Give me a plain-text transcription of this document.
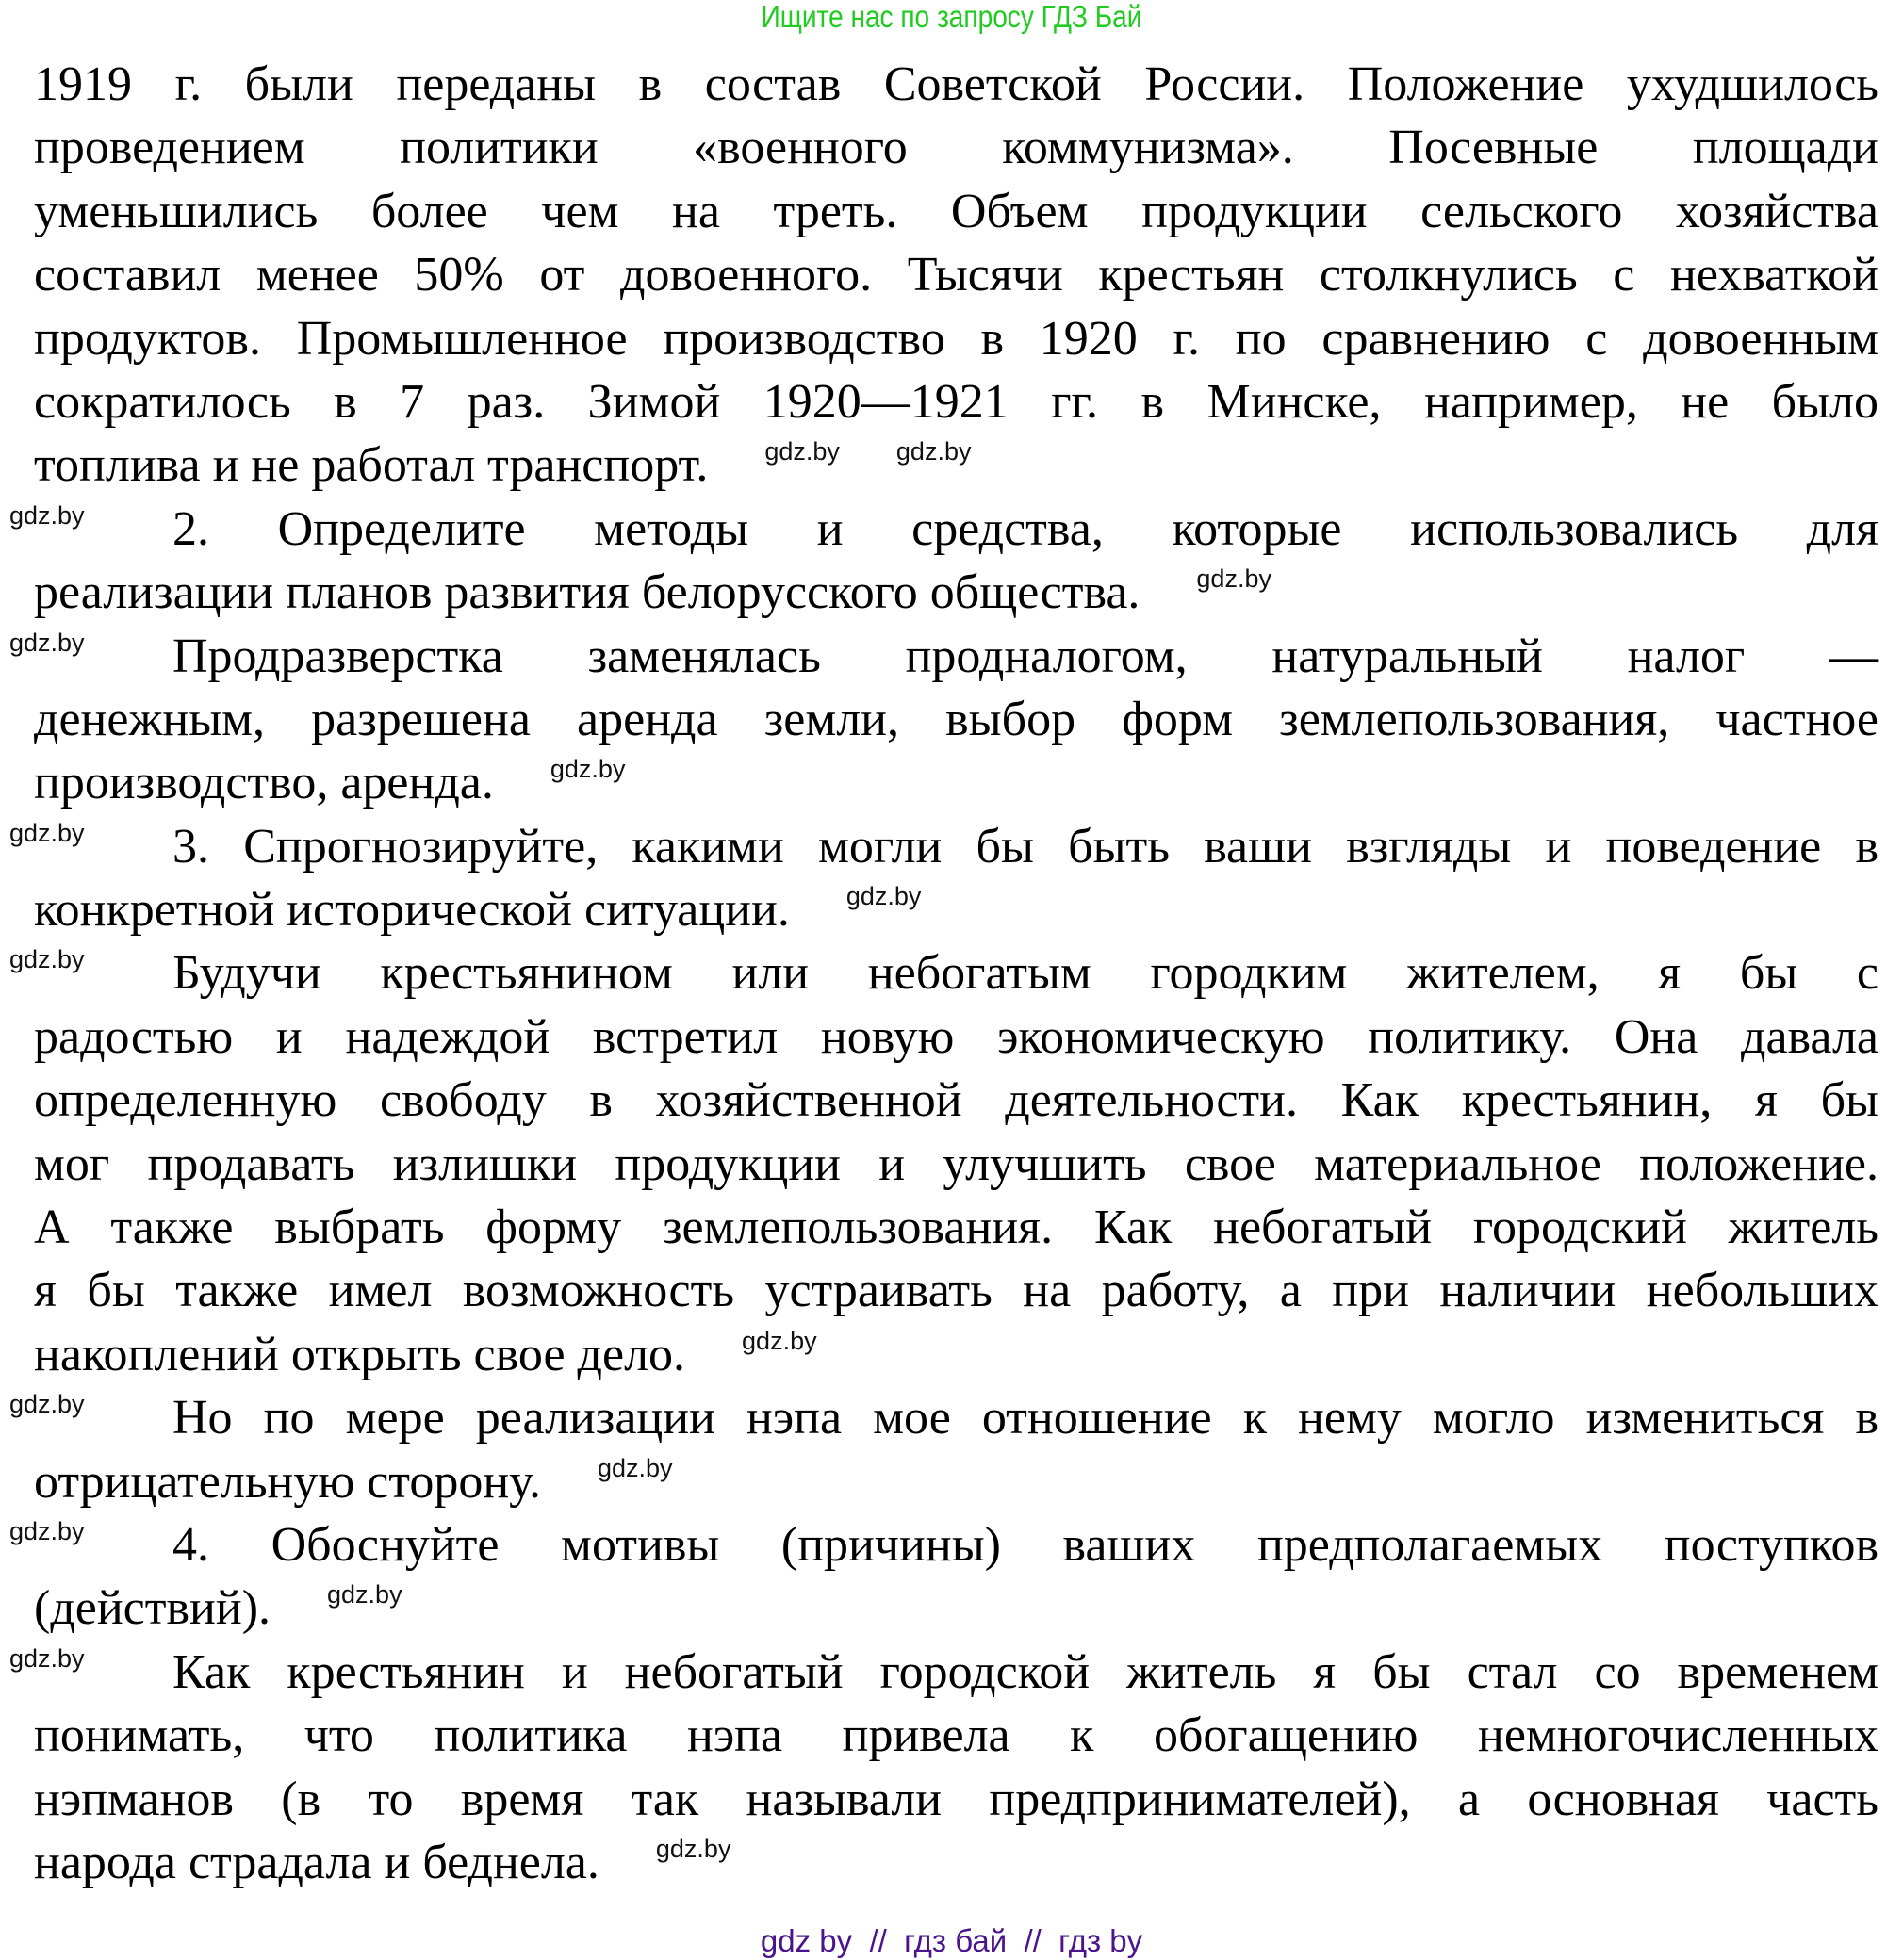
Ищите нас по запросу ГДЗ Бай
1919 г. были переданы в состав Советской России. Положение ухудшилось
проведением политики «военного коммунизма». Посевные площади
уменьшились более чем на треть. Объем продукции сельского хозяйства
составил менее 50% от довоенного. Тысячи крестьян столкнулись с нехваткой
продуктов. Промышленное производство в 1920 г. по сравнению с довоенным
сократилось в 7 раз. Зимой 1920—1921 гг. в Минске, например, не было
топлива и не работал транспорт. gdz.by gdz.by
gdz.by 2. Определите методы и средства, которые использовались для
реализации планов развития белорусского общества. gdz.by
gdz.by Продразверстка заменялась продналогом, натуральный налог —
денежным, разрешена аренда земли, выбор форм землепользования, частное
производство, аренда. gdz.by
gdz.by 3. Спрогнозируйте, какими могли бы быть ваши взгляды и поведение в
конкретной исторической ситуации. gdz.by
gdz.by Будучи крестьянином или небогатым городким жителем, я бы с
радостью и надеждой встретил новую экономическую политику. Она давала
определенную свободу в хозяйственной деятельности. Как крестьянин, я бы
мог продавать излишки продукции и улучшить свое материальное положение.
А также выбрать форму землепользования. Как небогатый городский житель
я бы также имел возможность устраивать на работу, а при наличии небольших
накоплений открыть свое дело. gdz.by
gdz.by Но по мере реализации нэпа мое отношение к нему могло измениться в
отрицательную сторону. gdz.by
gdz.by 4. Обоснуйте мотивы (причины) ваших предполагаемых поступков
(действий). gdz.by
gdz.by Как крестьянин и небогатый городской житель я бы стал со временем
понимать, что политика нэпа привела к обогащению немногочисленных
нэпманов (в то время так называли предпринимателей), а основная часть
народа страдала и беднела. gdz.by
gdz by  //  гдз бай  //  гдз by
